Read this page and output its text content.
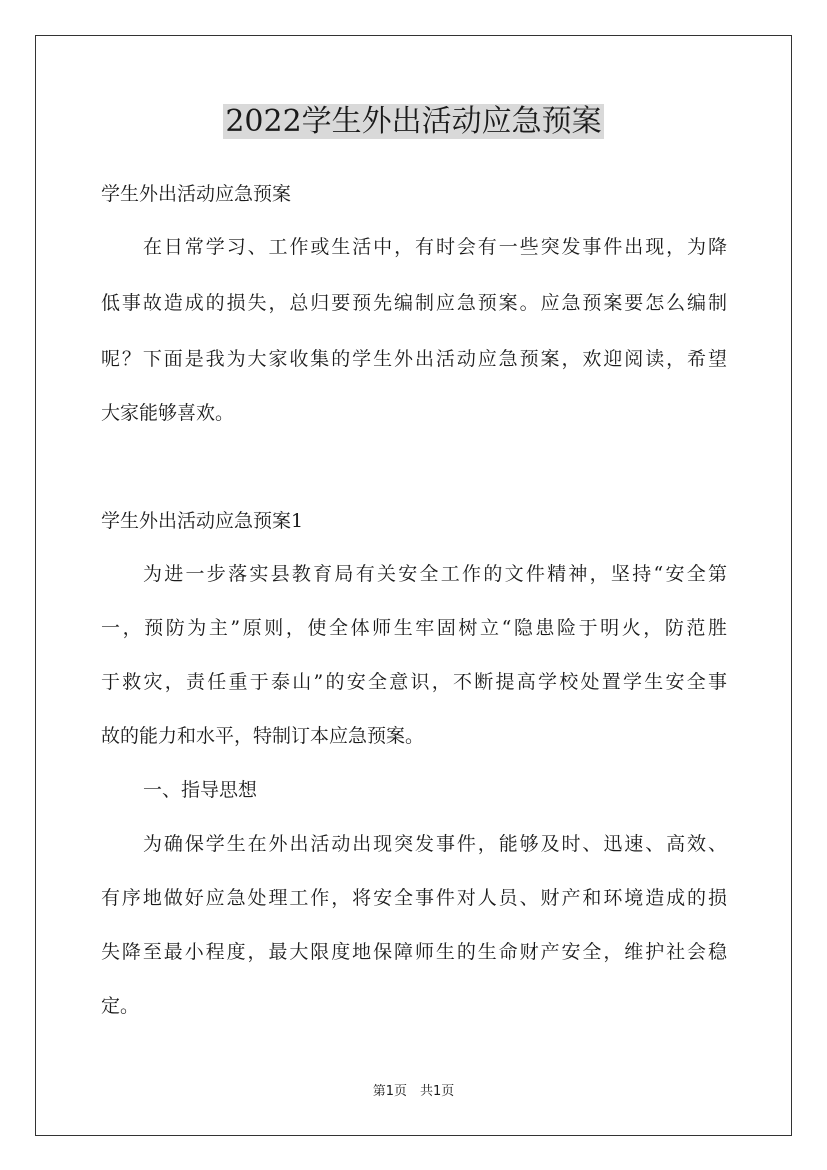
2022学生外出活动应急预案

学生外出活动应急预案

在日常学习、工作或生活中，有时会有一些突发事件出现，为降

低事故造成的损失，总归要预先编制应急预案。应急预案要怎么编制

呢？下面是我为大家收集的学生外出活动应急预案，欢迎阅读，希望

大家能够喜欢。

学生外出活动应急预案1

为进一步落实县教育局有关安全工作的文件精神，坚持“安全第

一，预防为主”原则，使全体师生牢固树立“隐患险于明火，防范胜

于救灾，责任重于泰山”的安全意识，不断提高学校处置学生安全事

故的能力和水平，特制订本应急预案。

一、指导思想

为确保学生在外出活动出现突发事件，能够及时、迅速、高效、

有序地做好应急处理工作，将安全事件对人员、财产和环境造成的损

失降至最小程度，最大限度地保障师生的生命财产安全，维护社会稳

定。

第1页　共1页
